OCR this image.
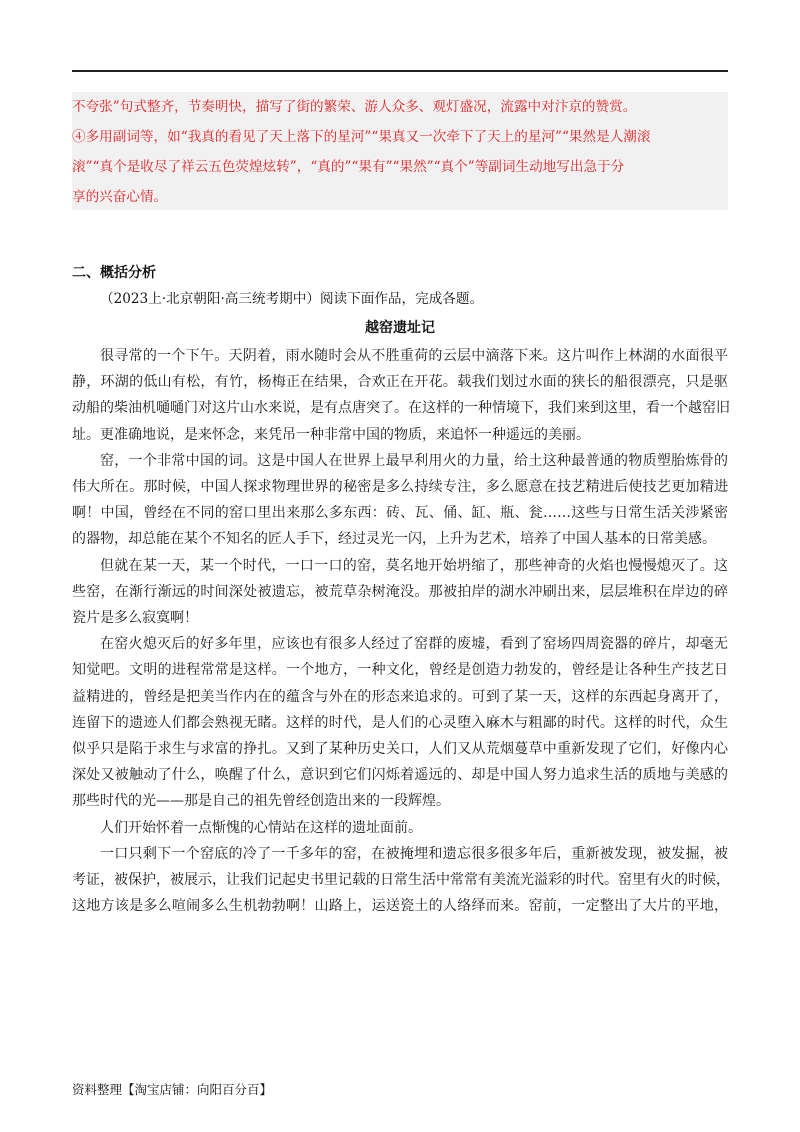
不夸张”句式整齐，节奏明快，描写了街的繁荣、游人众多、观灯盛况，流露中对汴京的赞赏。

④多用副词等，如“我真的看见了天上落下的星河”“果真又一次牵下了天上的星河”“果然是人潮滚

滚”“真个是收尽了祥云五色荧煌炫转”，“真的”“果有”“果然”“真个”等副词生动地写出急于分

享的兴奋心情。

二、概括分析
（2023上·北京朝阳·高三统考期中）阅读下面作品，完成各题。
越窑遗址记

很寻常的一个下午。天阴着，雨水随时会从不胜重荷的云层中滴落下来。这片叫作上林湖的水面很平
静，环湖的低山有松，有竹，杨梅正在结果，合欢正在开花。载我们划过水面的狭长的船很漂亮，只是驱
动船的柴油机嗵嗵门对这片山水来说，是有点唐突了。在这样的一种情境下，我们来到这里，看一个越窑旧
址。更准确地说，是来怀念，来凭吊一种非常中国的物质，来追怀一种遥远的美丽。

窑，一个非常中国的词。这是中国人在世界上最早利用火的力量，给土这种最普通的物质塑胎炼骨的
伟大所在。那时候，中国人探求物理世界的秘密是多么持续专注，多么愿意在技艺精进后使技艺更加精进
啊！中国，曾经在不同的窑口里出来那么多东西：砖、瓦、俑、缸、瓶、瓮……这些与日常生活关涉紧密
的器物，却总能在某个不知名的匠人手下，经过灵光一闪，上升为艺术，培养了中国人基本的日常美感。

但就在某一天，某一个时代，一口一口的窑，莫名地开始坍缩了，那些神奇的火焰也慢慢熄灭了。这
些窑，在渐行渐远的时间深处被遗忘，被荒草杂树淹没。那被拍岸的湖水冲刷出来，层层堆积在岸边的碎
瓷片是多么寂寞啊！

在窑火熄灭后的好多年里，应该也有很多人经过了窑群的废墟，看到了窑场四周瓷器的碎片，却毫无
知觉吧。文明的进程常常是这样。一个地方，一种文化，曾经是创造力勃发的，曾经是让各种生产技艺日
益精进的，曾经是把美当作内在的蕴含与外在的形态来追求的。可到了某一天，这样的东西起身离开了，
连留下的遗迹人们都会熟视无睹。这样的时代，是人们的心灵堕入麻木与粗鄙的时代。这样的时代，众生
似乎只是陷于求生与求富的挣扎。又到了某种历史关口，人们又从荒烟蔓草中重新发现了它们，好像内心
深处又被触动了什么，唤醒了什么，意识到它们闪烁着遥远的、却是中国人努力追求生活的质地与美感的
那些时代的光——那是自己的祖先曾经创造出来的一段辉煌。

人们开始怀着一点惭愧的心情站在这样的遗址面前。

一口只剩下一个窑底的冷了一千多年的窑，在被掩埋和遗忘很多很多年后，重新被发现，被发掘，被
考证，被保护，被展示，让我们记起史书里记载的日常生活中常常有美流光溢彩的时代。窑里有火的时候，
这地方该是多么喧闹多么生机勃勃啊！山路上，运送瓷土的人络绎而来。窑前，一定整出了大片的平地，

资料整理【淘宝店铺：向阳百分百】
